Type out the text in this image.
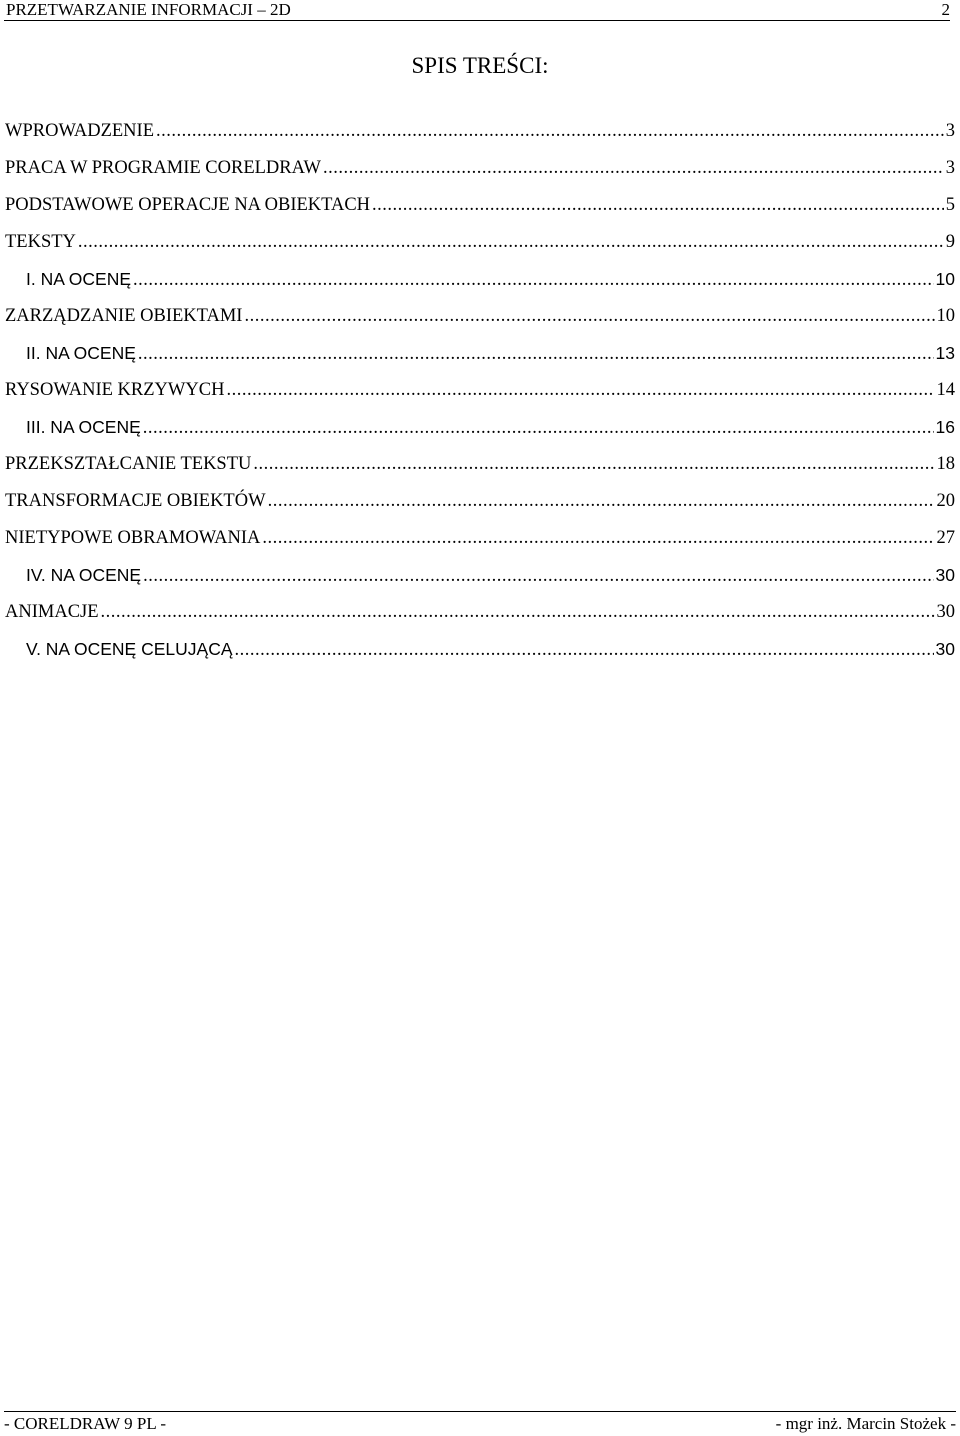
PRZETWARZANIE INFORMACJI – 2D	2
SPIS TREŚCI:
WPROWADZENIE .....	3
PRACA W PROGRAMIE CORELDRAW .....	3
PODSTAWOWE OPERACJE NA OBIEKTACH .....	5
TEKSTY .....	9
I. NA OCENĘ .....	10
ZARZĄDZANIE OBIEKTAMI .....	10
II. NA OCENĘ .....	13
RYSOWANIE KRZYWYCH .....	14
III. NA OCENĘ .....	16
PRZEKSZTAŁCANIE TEKSTU .....	18
TRANSFORMACJE OBIEKTÓW .....	20
NIETYPOWE OBRAMOWANIA .....	27
IV. NA OCENĘ .....	30
ANIMACJE .....	30
V. NA OCENĘ CELUJĄCĄ .....	30
- CORELDRAW 9 PL -	- mgr inż. Marcin Stożek -
